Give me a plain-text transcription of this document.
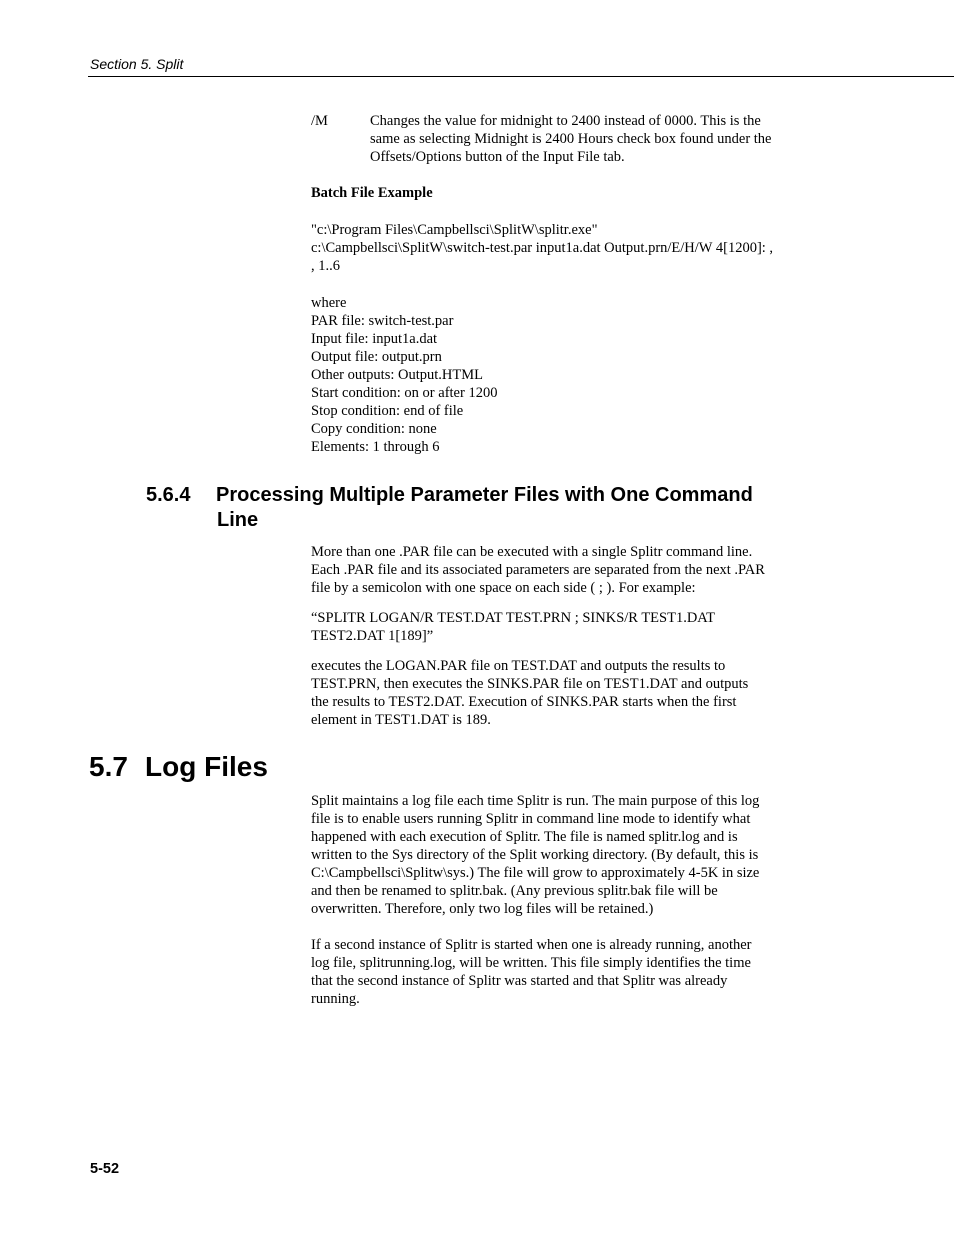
Section 5. Split
/M	Changes the value for midnight to 2400 instead of 0000. This is the
same as selecting Midnight is 2400 Hours check box found under the
Offsets/Options button of the Input File tab.
Batch File Example
"c:\Program Files\Campbellsci\SplitW\splitr.exe"
c:\Campbellsci\SplitW\switch-test.par input1a.dat Output.prn/E/H/W 4[1200]: ,
, 1..6
where
PAR file: switch-test.par
Input file: input1a.dat
Output file: output.prn
Other outputs: Output.HTML
Start condition: on or after 1200
Stop condition: end of file
Copy condition: none
Elements: 1 through 6
5.6.4 Processing Multiple Parameter Files with One Command
Line
More than one .PAR file can be executed with a single Splitr command line.
Each .PAR file and its associated parameters are separated from the next .PAR
file by a semicolon with one space on each side ( ; ). For example:
“SPLITR LOGAN/R TEST.DAT TEST.PRN ; SINKS/R TEST1.DAT
TEST2.DAT 1[189]”
executes the LOGAN.PAR file on TEST.DAT and outputs the results to
TEST.PRN, then executes the SINKS.PAR file on TEST1.DAT and outputs
the results to TEST2.DAT. Execution of SINKS.PAR starts when the first
element in TEST1.DAT is 189.
5.7 Log Files
Split maintains a log file each time Splitr is run. The main purpose of this log
file is to enable users running Splitr in command line mode to identify what
happened with each execution of Splitr. The file is named splitr.log and is
written to the Sys directory of the Split working directory. (By default, this is
C:\Campbellsci\Splitw\sys.) The file will grow to approximately 4-5K in size
and then be renamed to splitr.bak. (Any previous splitr.bak file will be
overwritten. Therefore, only two log files will be retained.)
If a second instance of Splitr is started when one is already running, another
log file, splitrunning.log, will be written. This file simply identifies the time
that the second instance of Splitr was started and that Splitr was already
running.
5-52
